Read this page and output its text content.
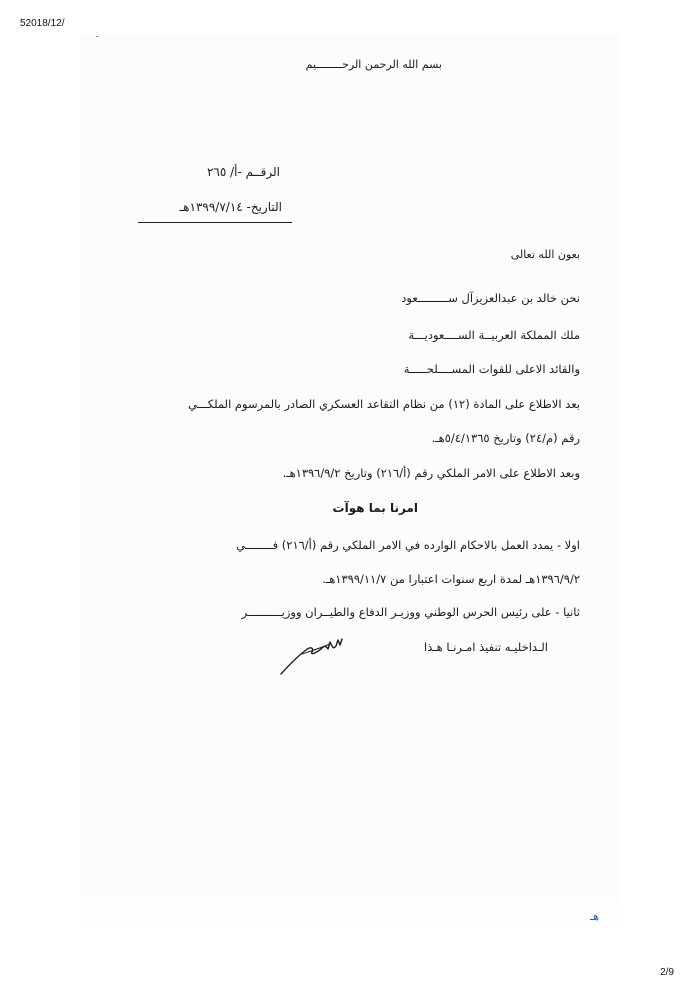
52018/12/
ـ
بسم الله الرحمن الرحــــــــيم
الرقــم -أ/ ٢٦٥
التاريخ- ١٣٩٩/٧/١٤هـ
بعون الله تعالى
نحن خالد بن عبدالعزيزآل ســـــــــعود
ملك المملكة العربيــة الســــعوديـــة
والقائد الاعلى للقوات المســــلحـــــة
بعد الاطلاع على المادة (١٢) من نظام التقاعد العسكري الصادر بالمرسوم الملكـــي
رقم (م/٢٤) وتاريخ ٥/٤/١٣٦٥هـ.
وبعد الاطلاع على الامر الملكي رقم (أ/٢١٦) وتاريخ ١٣٩٦/٩/٢هـ.
امرنا بما هوآت
اولا - يمدد العمل بالاحكام الوارده في الامر الملكي رقم (أ/٢١٦) فــــــــي
١٣٩٦/٩/٢هـ لمدة اربع سنوات اعتبارا من ١٣٩٩/١١/٧هـ.
ثانيا - على رئيس الحرس الوطني ووزيـر الدفاع والطيــران ووزيــــــــــر
الـداخليـه تنفيذ امـرنـا هـذا
هـ
2/9
